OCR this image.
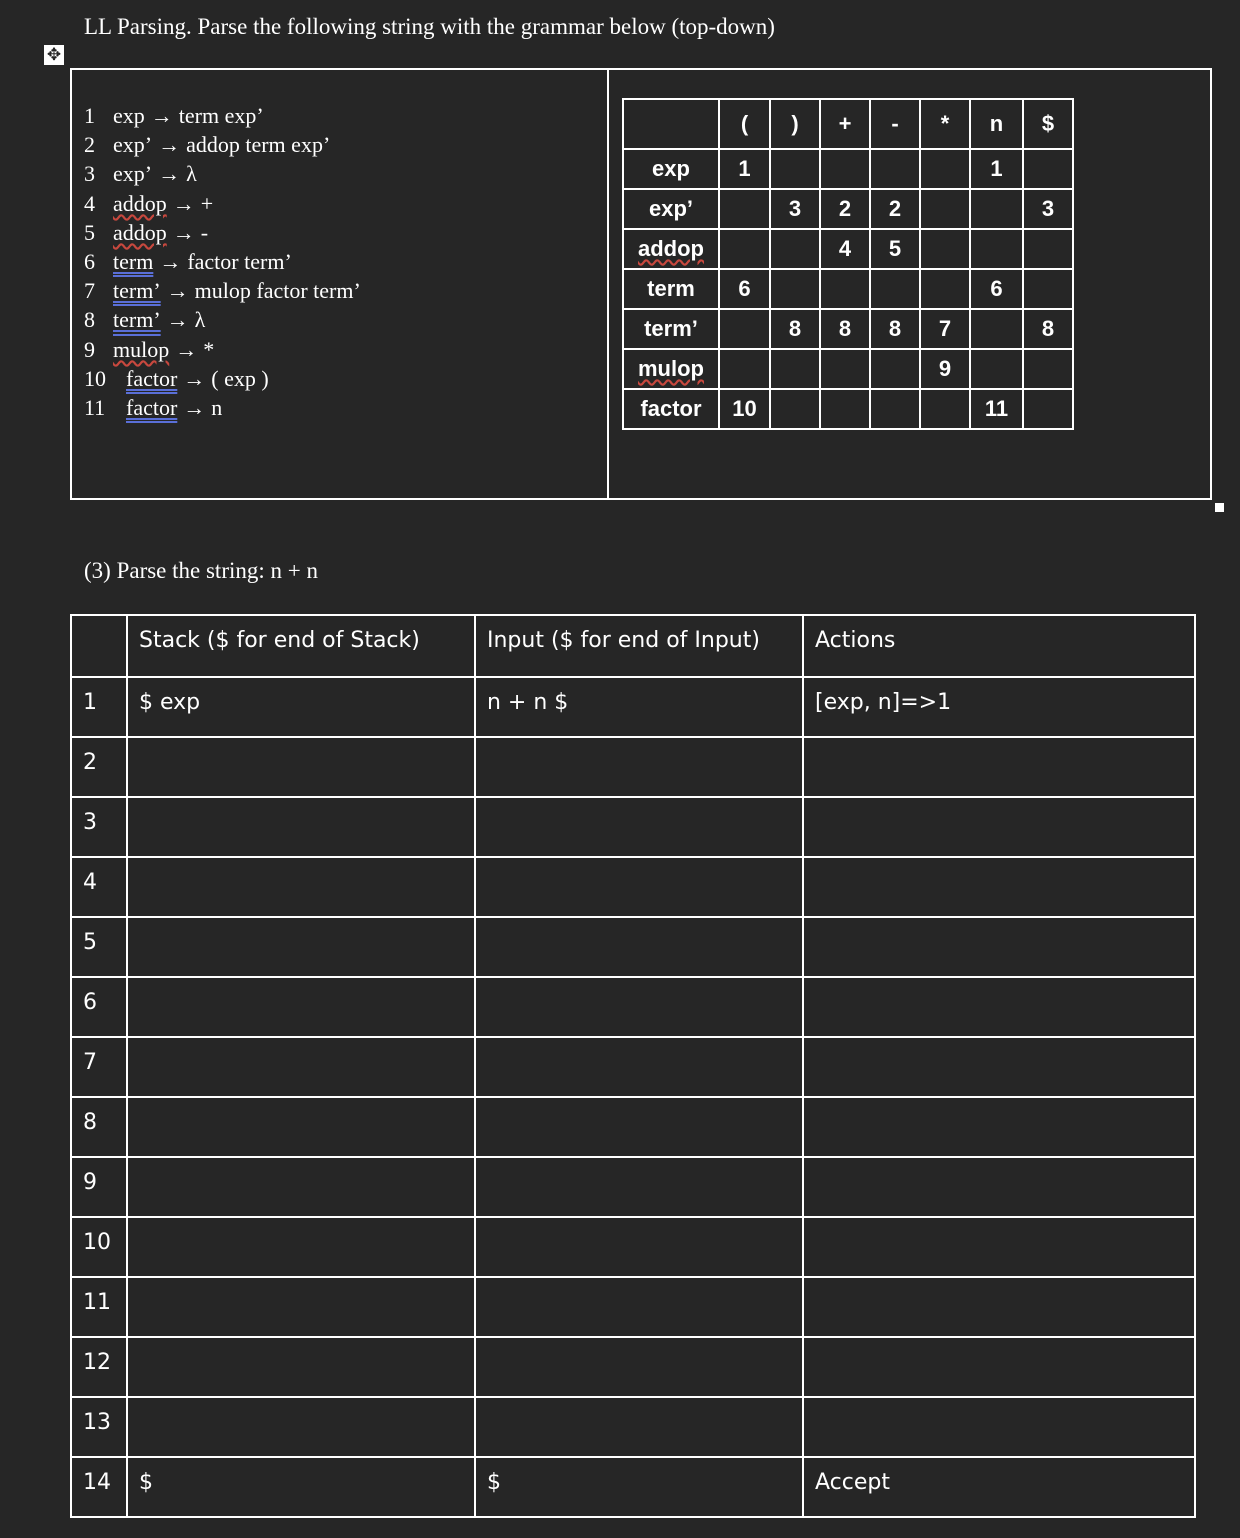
LL Parsing. Parse the following string with the grammar below (top-down)
✥
1 exp → term exp’
2 exp’ → addop term exp’
3 exp’ → λ
4 addop → +
5 addop → -
6 term → factor term’
7 term’ → mulop factor term’
8 term’ → λ
9 mulop → *
10 factor → ( exp )
11 factor → n
	(	)	+	-	*	n	$
exp	1					1	
exp’		3	2	2			3
addop			4	5			
term	6					6	
term’		8	8	8	7		8
mulop					9		
factor	10					11	
(3) Parse the string: n + n
	Stack ($ for end of Stack)	Input ($ for end of Input)	Actions
1	$ exp	n + n $	[exp, n]=>1
2			
3			
4			
5			
6			
7			
8			
9			
10			
11			
12			
13			
14	$	$	Accept
